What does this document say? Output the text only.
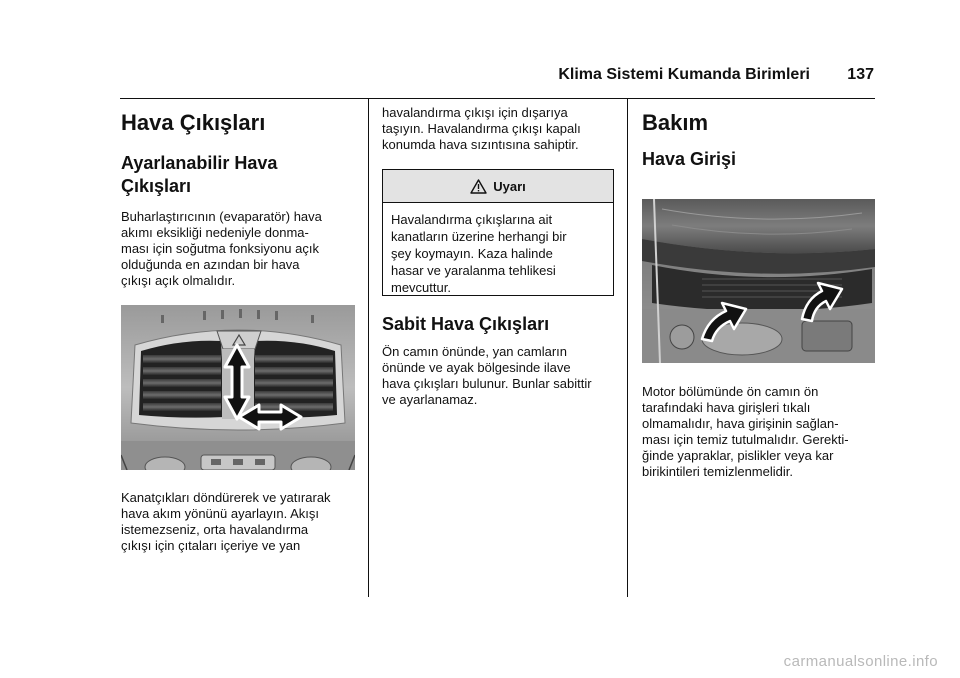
Klima Sistemi Kumanda Birimleri 137
Hava Çıkışları
Ayarlanabilir Hava
Çıkışları

Buharlaştırıcının (evaparatör) hava
akımı eksikliği nedeniyle donma-
ması için soğutma fonksiyonu açık
olduğunda en azından bir hava
çıkışı açık olmalıdır.

Kanatçıkları döndürerek ve yatırarak
hava akım yönünü ayarlayın. Akışı
istemezseniz, orta havalandırma
çıkışı için çıtaları içeriye ve yan

havalandırma çıkışı için dışarıya
taşıyın. Havalandırma çıkışı kapalı
konumda hava sızıntısına sahiptir.

Uyarı
Havalandırma çıkışlarına ait
kanatların üzerine herhangi bir
şey koymayın. Kaza halinde
hasar ve yaralanma tehlikesi
mevcuttur.
Sabit Hava Çıkışları

Ön camın önünde, yan camların
önünde ve ayak bölgesinde ilave
hava çıkışları bulunur. Bunlar sabittir
ve ayarlanamaz.

Bakım
Hava Girişi

Motor bölümünde ön camın ön
tarafındaki hava girişleri tıkalı
olmamalıdır, hava girişinin sağlan-
ması için temiz tutulmalıdır. Gerekti-
ğinde yapraklar, pislikler veya kar
birikintileri temizlenmelidir.

carmanualsonline.info
